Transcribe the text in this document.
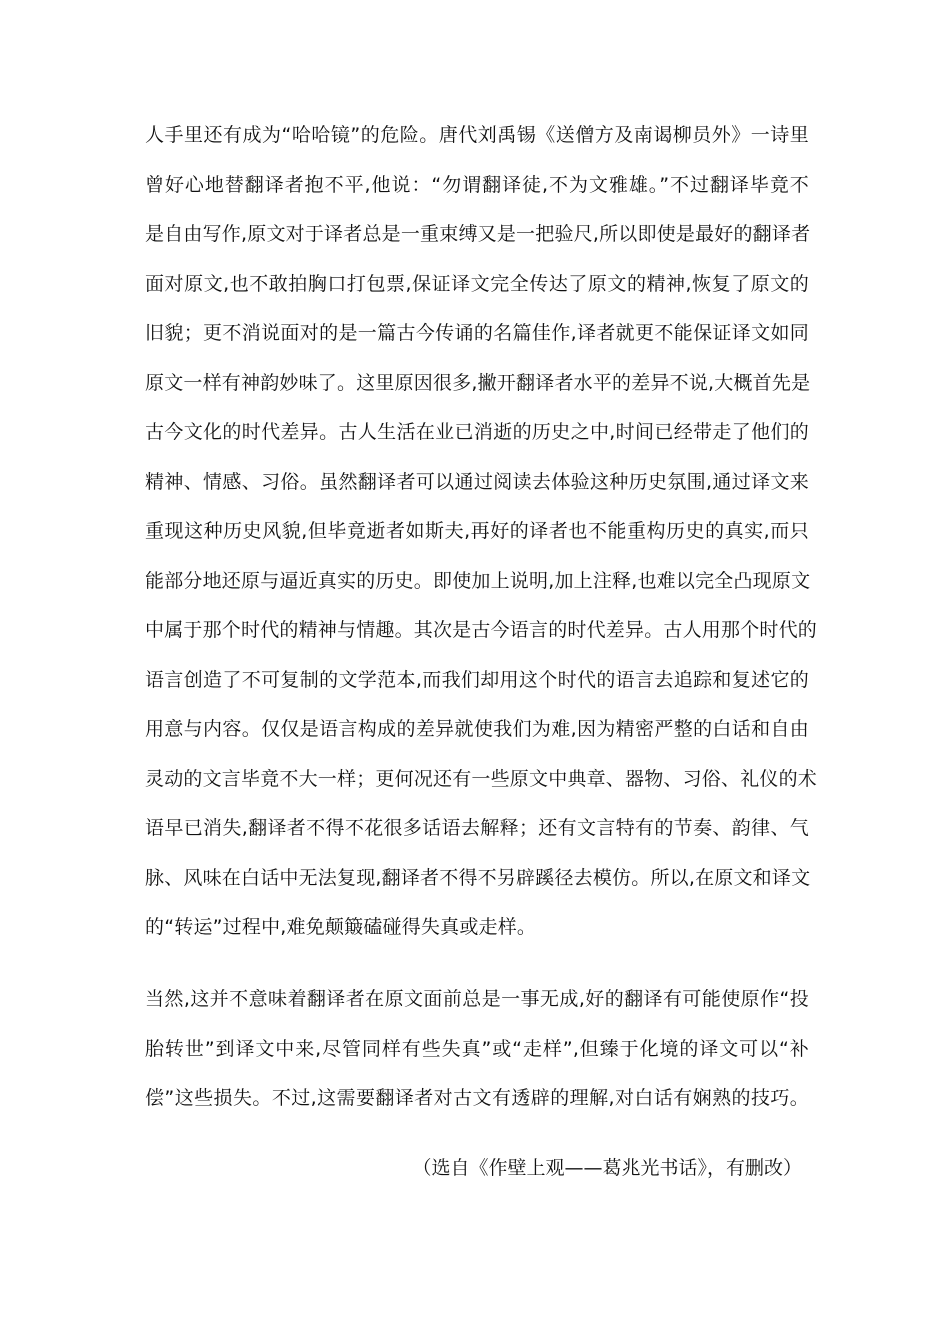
人手里还有成为“哈哈镜”的危险。唐代刘禹锡《送僧方及南谒柳员外》一诗里
曾好心地替翻译者抱不平,他说：“勿谓翻译徒,不为文雅雄。”不过翻译毕竟不
是自由写作,原文对于译者总是一重束缚又是一把验尺,所以即使是最好的翻译者
面对原文,也不敢拍胸口打包票,保证译文完全传达了原文的精神,恢复了原文的
旧貌；更不消说面对的是一篇古今传诵的名篇佳作,译者就更不能保证译文如同
原文一样有神韵妙味了。这里原因很多,撇开翻译者水平的差异不说,大概首先是
古今文化的时代差异。古人生活在业已消逝的历史之中,时间已经带走了他们的
精神、情感、习俗。虽然翻译者可以通过阅读去体验这种历史氛围,通过译文来
重现这种历史风貌,但毕竟逝者如斯夫,再好的译者也不能重构历史的真实,而只
能部分地还原与逼近真实的历史。即使加上说明,加上注释,也难以完全凸现原文
中属于那个时代的精神与情趣。其次是古今语言的时代差异。古人用那个时代的
语言创造了不可复制的文学范本,而我们却用这个时代的语言去追踪和复述它的
用意与内容。仅仅是语言构成的差异就使我们为难,因为精密严整的白话和自由
灵动的文言毕竟不大一样；更何况还有一些原文中典章、器物、习俗、礼仪的术
语早已消失,翻译者不得不花很多话语去解释；还有文言特有的节奏、韵律、气
脉、风味在白话中无法复现,翻译者不得不另辟蹊径去模仿。所以,在原文和译文
的“转运”过程中,难免颠簸磕碰得失真或走样。
当然,这并不意味着翻译者在原文面前总是一事无成,好的翻译有可能使原作“投
胎转世”到译文中来,尽管同样有些失真”或“走样”,但臻于化境的译文可以“补
偿”这些损失。不过,这需要翻译者对古文有透辟的理解,对白话有娴熟的技巧。
（选自《作壁上观——葛兆光书话》，有删改）
